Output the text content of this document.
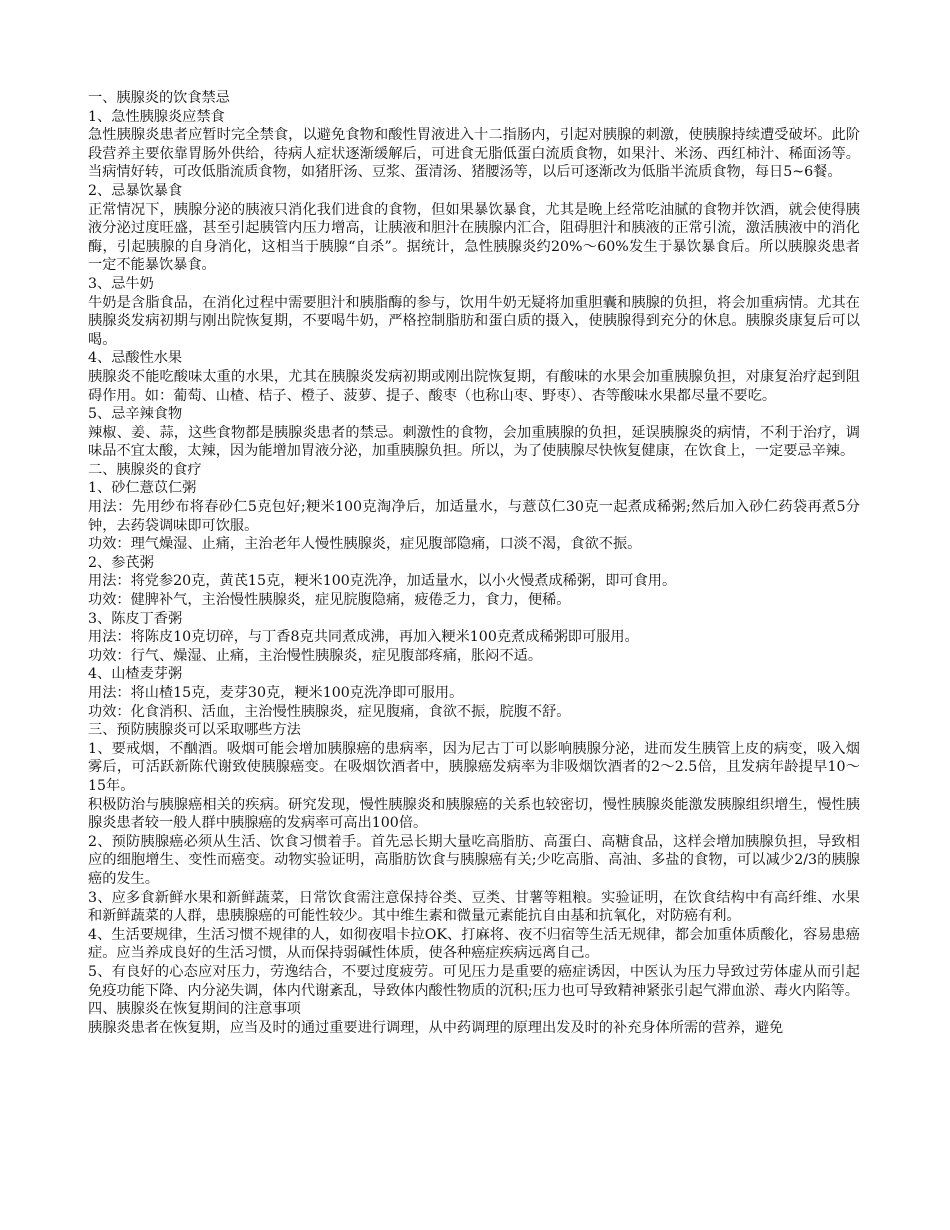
一、胰腺炎的饮食禁忌

1、急性胰腺炎应禁食

急性胰腺炎患者应暂时完全禁食，以避免食物和酸性胃液进入十二指肠内，引起对胰腺的刺激，使胰腺持续遭受破坏。此阶段营养主要依靠胃肠外供给，待病人症状逐渐缓解后，可进食无脂低蛋白流质食物，如果汁、米汤、西红柿汁、稀面汤等。当病情好转，可改低脂流质食物，如猪肝汤、豆浆、蛋清汤、猪腰汤等，以后可逐渐改为低脂半流质食物，每日5~6餐。

2、忌暴饮暴食

正常情况下，胰腺分泌的胰液只消化我们进食的食物，但如果暴饮暴食，尤其是晚上经常吃油腻的食物并饮酒，就会使得胰液分泌过度旺盛，甚至引起胰管内压力增高，让胰液和胆汁在胰腺内汇合，阻碍胆汁和胰液的正常引流，激活胰液中的消化酶，引起胰腺的自身消化，这相当于胰腺“自杀”。据统计，急性胰腺炎约20%～60%发生于暴饮暴食后。所以胰腺炎患者一定不能暴饮暴食。

3、忌牛奶

牛奶是含脂食品，在消化过程中需要胆汁和胰脂酶的参与，饮用牛奶无疑将加重胆囊和胰腺的负担，将会加重病情。尤其在胰腺炎发病初期与刚出院恢复期，不要喝牛奶，严格控制脂肪和蛋白质的摄入，使胰腺得到充分的休息。胰腺炎康复后可以喝。

4、忌酸性水果

胰腺炎不能吃酸味太重的水果，尤其在胰腺炎发病初期或刚出院恢复期，有酸味的水果会加重胰腺负担，对康复治疗起到阻碍作用。如：葡萄、山楂、桔子、橙子、菠萝、提子、酸枣（也称山枣、野枣）、杏等酸味水果都尽量不要吃。

5、忌辛辣食物

辣椒、姜、蒜，这些食物都是胰腺炎患者的禁忌。刺激性的食物，会加重胰腺的负担，延误胰腺炎的病情，不利于治疗，调味品不宜太酸，太辣，因为能增加胃液分泌，加重胰腺负担。所以，为了使胰腺尽快恢复健康，在饮食上，一定要忌辛辣。

二、胰腺炎的食疗

1、砂仁薏苡仁粥

用法：先用纱布将春砂仁5克包好;粳米100克淘净后，加适量水，与薏苡仁30克一起煮成稀粥;然后加入砂仁药袋再煮5分钟，去药袋调味即可饮服。

功效：理气燥湿、止痛，主治老年人慢性胰腺炎，症见腹部隐痛，口淡不渴，食欲不振。

2、参芪粥

用法：将党参20克，黄芪15克，粳米100克洗净，加适量水，以小火慢煮成稀粥，即可食用。

功效：健脾补气，主治慢性胰腺炎，症见脘腹隐痛，疲倦乏力，食力，便稀。

3、陈皮丁香粥

用法：将陈皮10克切碎，与丁香8克共同煮成沸，再加入粳米100克煮成稀粥即可服用。

功效：行气、燥湿、止痛，主治慢性胰腺炎，症见腹部疼痛，胀闷不适。

4、山楂麦芽粥

用法：将山楂15克，麦芽30克，粳米100克洗净即可服用。

功效：化食消积、活血，主治慢性胰腺炎，症见腹痛，食欲不振，脘腹不舒。

三、预防胰腺炎可以采取哪些方法

1、要戒烟，不酗酒。吸烟可能会增加胰腺癌的患病率，因为尼古丁可以影响胰腺分泌，进而发生胰管上皮的病变，吸入烟雾后，可活跃新陈代谢致使胰腺癌变。在吸烟饮酒者中，胰腺癌发病率为非吸烟饮酒者的2～2.5倍，且发病年龄提早10～15年。

积极防治与胰腺癌相关的疾病。研究发现，慢性胰腺炎和胰腺癌的关系也较密切，慢性胰腺炎能激发胰腺组织增生，慢性胰腺炎患者较一般人群中胰腺癌的发病率可高出100倍。

2、预防胰腺癌必须从生活、饮食习惯着手。首先忌长期大量吃高脂肪、高蛋白、高糖食品，这样会增加胰腺负担，导致相应的细胞增生、变性而癌变。动物实验证明，高脂肪饮食与胰腺癌有关;少吃高脂、高油、多盐的食物，可以减少2/3的胰腺癌的发生。

3、应多食新鲜水果和新鲜蔬菜，日常饮食需注意保持谷类、豆类、甘薯等粗粮。实验证明，在饮食结构中有高纤维、水果和新鲜蔬菜的人群，患胰腺癌的可能性较少。其中维生素和微量元素能抗自由基和抗氧化，对防癌有利。

4、生活要规律，生活习惯不规律的人，如彻夜唱卡拉OK、打麻将、夜不归宿等生活无规律，都会加重体质酸化，容易患癌症。应当养成良好的生活习惯，从而保持弱碱性体质，使各种癌症疾病远离自己。

5、有良好的心态应对压力，劳逸结合，不要过度疲劳。可见压力是重要的癌症诱因，中医认为压力导致过劳体虚从而引起免疫功能下降、内分泌失调，体内代谢紊乱，导致体内酸性物质的沉积;压力也可导致精神紧张引起气滞血淤、毒火内陷等。

四、胰腺炎在恢复期间的注意事项

胰腺炎患者在恢复期，应当及时的通过重要进行调理，从中药调理的原理出发及时的补充身体所需的营养，避免
